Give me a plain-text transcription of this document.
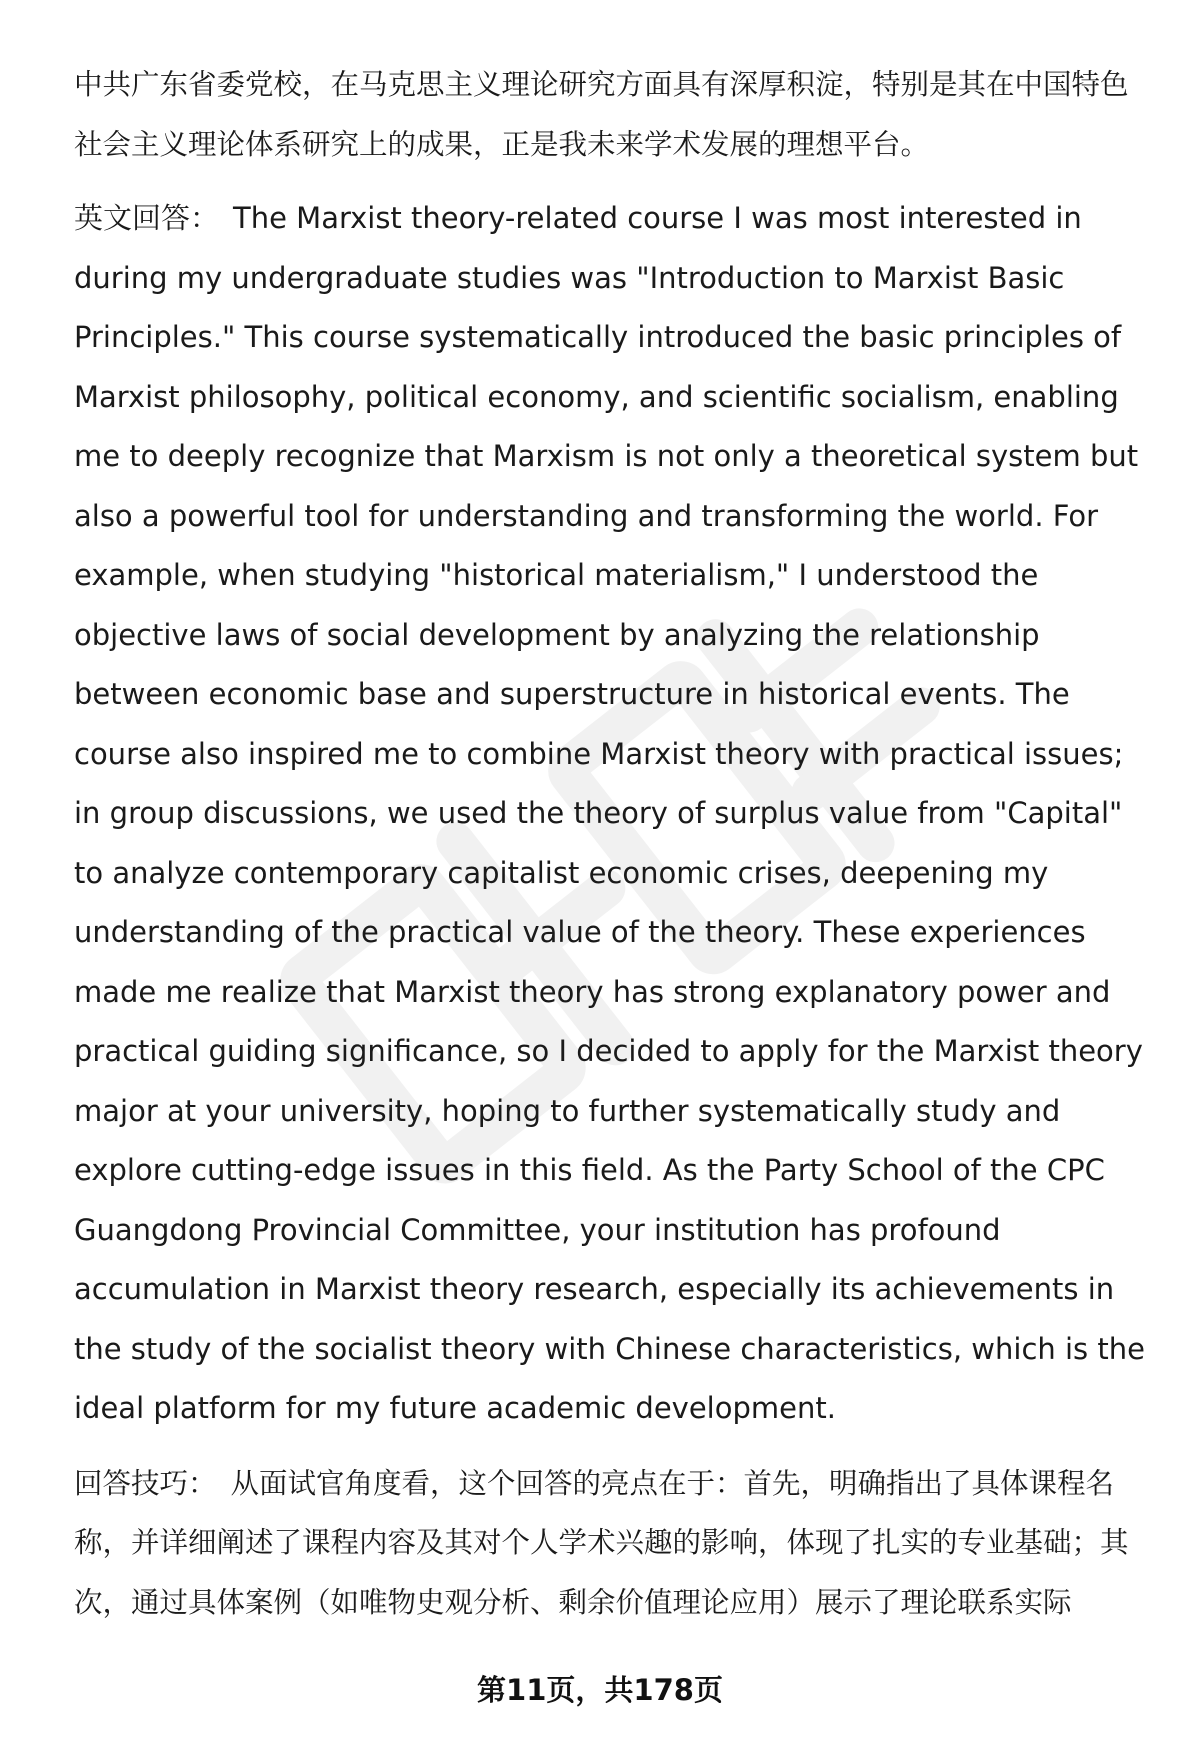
中共广东省委党校，在马克思主义理论研究方面具有深厚积淀，特别是其在中国特色社会主义理论体系研究上的成果，正是我未来学术发展的理想平台。

英文回答： The Marxist theory-related course I was most interested in during my undergraduate studies was "Introduction to Marxist Basic Principles." This course systematically introduced the basic principles of Marxist philosophy, political economy, and scientific socialism, enabling me to deeply recognize that Marxism is not only a theoretical system but also a powerful tool for understanding and transforming the world. For example, when studying "historical materialism," I understood the objective laws of social development by analyzing the relationship between economic base and superstructure in historical events. The course also inspired me to combine Marxist theory with practical issues; in group discussions, we used the theory of surplus value from "Capital" to analyze contemporary capitalist economic crises, deepening my understanding of the practical value of the theory. These experiences made me realize that Marxist theory has strong explanatory power and practical guiding significance, so I decided to apply for the Marxist theory major at your university, hoping to further systematically study and explore cutting-edge issues in this field. As the Party School of the CPC Guangdong Provincial Committee, your institution has profound accumulation in Marxist theory research, especially its achievements in the study of the socialist theory with Chinese characteristics, which is the ideal platform for my future academic development.

回答技巧： 从面试官角度看，这个回答的亮点在于：首先，明确指出了具体课程名称，并详细阐述了课程内容及其对个人学术兴趣的影响，体现了扎实的专业基础；其次，通过具体案例（如唯物史观分析、剩余价值理论应用）展示了理论联系实际

第11页，共178页
